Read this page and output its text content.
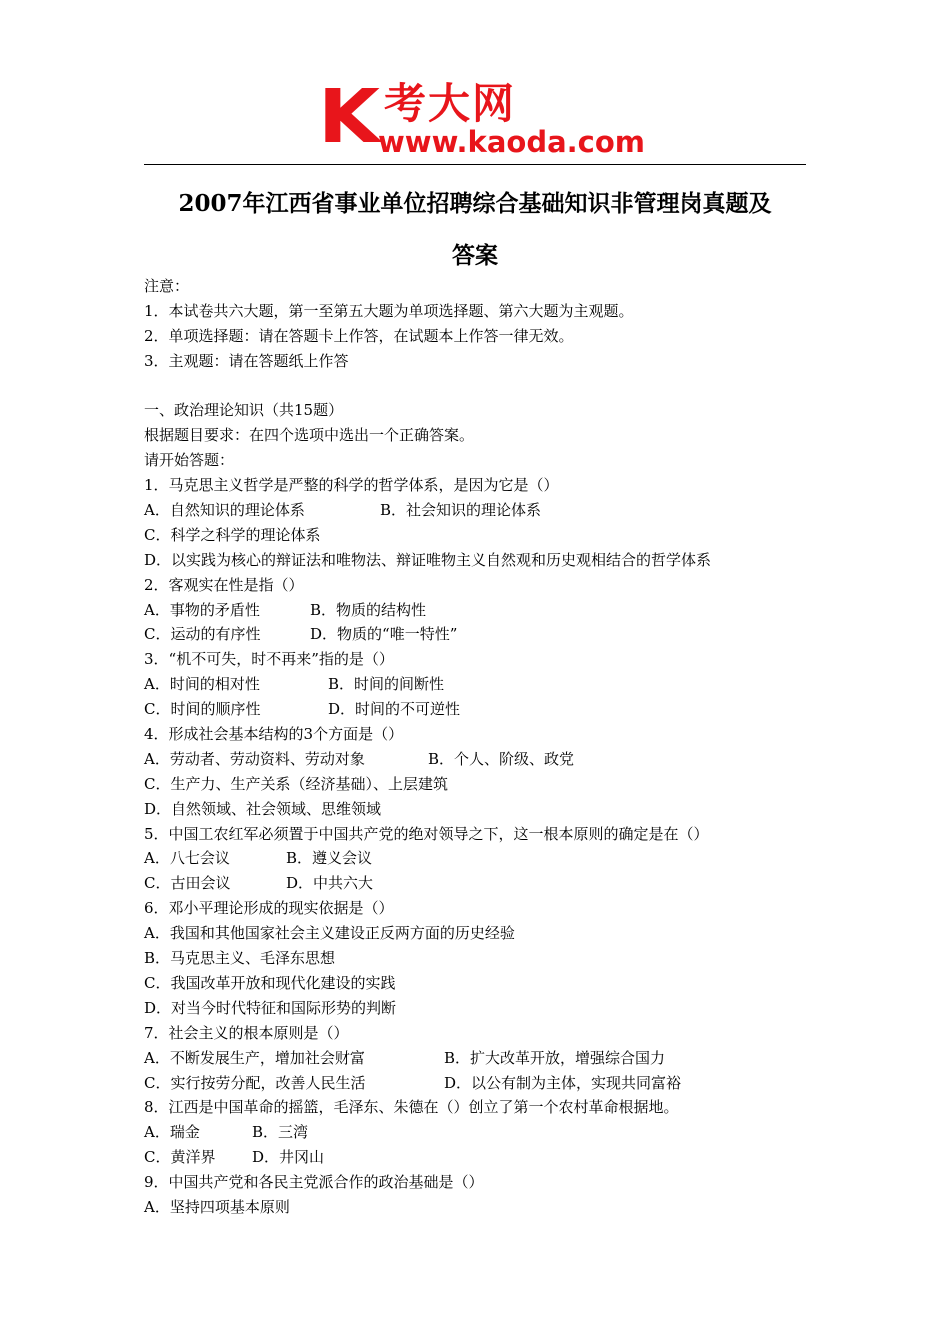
K 考大网
www.kaoda.com
2007年江西省事业单位招聘综合基础知识非管理岗真题及
答案
注意：
1．本试卷共六大题，第一至第五大题为单项选择题、第六大题为主观题。
2．单项选择题：请在答题卡上作答，在试题本上作答一律无效。
3．主观题：请在答题纸上作答
一、政治理论知识（共15题）
根据题目要求：在四个选项中选出一个正确答案。
请开始答题：
1．马克思主义哲学是严整的科学的哲学体系，是因为它是（）
A．自然知识的理论体系	B．社会知识的理论体系
C．科学之科学的理论体系
D．以实践为核心的辩证法和唯物法、辩证唯物主义自然观和历史观相结合的哲学体系
2．客观实在性是指（）
A．事物的矛盾性	B．物质的结构性
C．运动的有序性	D．物质的“唯一特性”
3．“机不可失，时不再来”指的是（）
A．时间的相对性	B．时间的间断性
C．时间的顺序性	D．时间的不可逆性
4．形成社会基本结构的3个方面是（）
A．劳动者、劳动资料、劳动对象	B．个人、阶级、政党
C．生产力、生产关系（经济基础）、上层建筑
D．自然领域、社会领域、思维领域
5．中国工农红军必须置于中国共产党的绝对领导之下，这一根本原则的确定是在（）
A．八七会议	B．遵义会议
C．古田会议	D．中共六大
6．邓小平理论形成的现实依据是（）
A．我国和其他国家社会主义建设正反两方面的历史经验
B．马克思主义、毛泽东思想
C．我国改革开放和现代化建设的实践
D．对当今时代特征和国际形势的判断
7．社会主义的根本原则是（）
A．不断发展生产，增加社会财富	B．扩大改革开放，增强综合国力
C．实行按劳分配，改善人民生活	D．以公有制为主体，实现共同富裕
8．江西是中国革命的摇篮，毛泽东、朱德在（）创立了第一个农村革命根据地。
A．瑞金	B．三湾
C．黄洋界 D．井冈山
9．中国共产党和各民主党派合作的政治基础是（）
A．坚持四项基本原则
